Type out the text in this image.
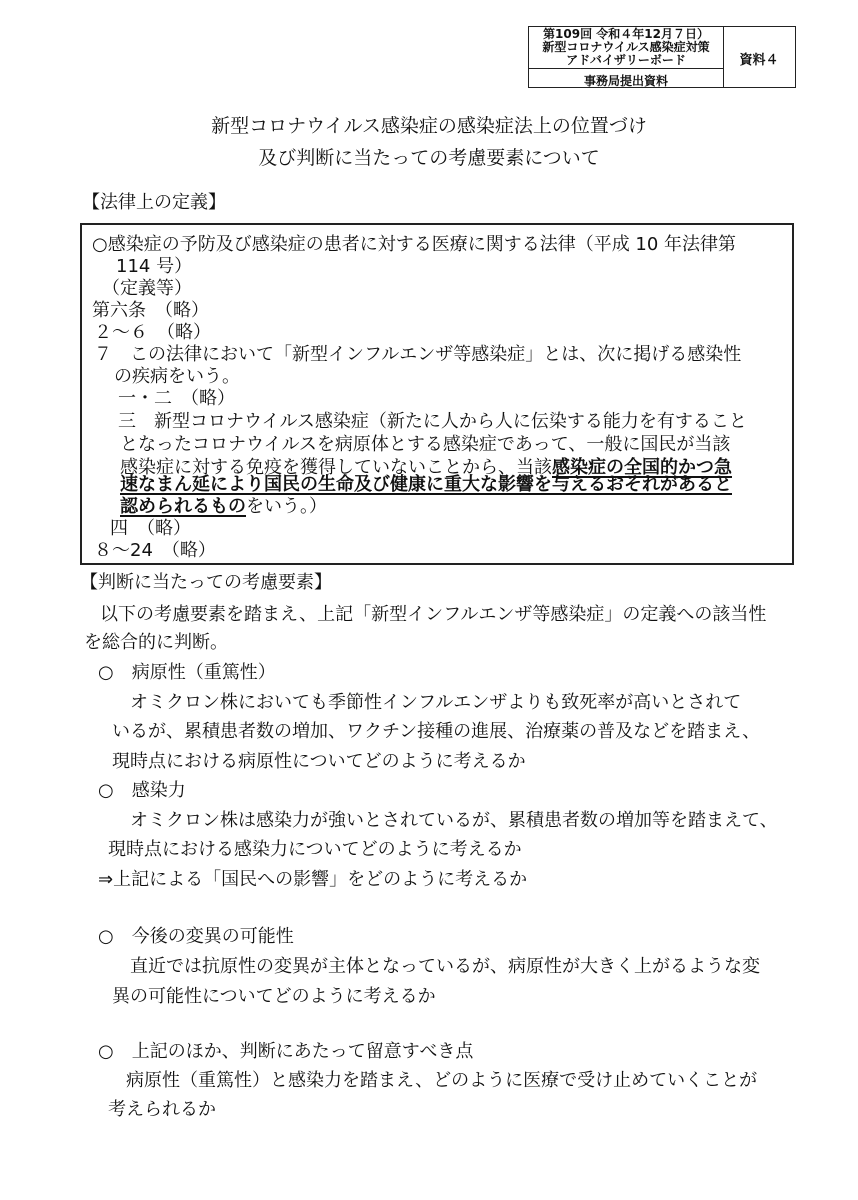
第109回 令和４年12月７日）
新型コロナウイルス感染症対策
アドバイザリーボード
事務局提出資料
資料４
新型コロナウイルス感染症の感染症法上の位置づけ
及び判断に当たっての考慮要素について
【法律上の定義】
○感染症の予防及び感染症の患者に対する医療に関する法律（平成 10 年法律第
114 号）
（定義等）
第六条　（略）
２～６　（略）
７　この法律において「新型インフルエンザ等感染症」とは、次に掲げる感染性
の疾病をいう。
一・二　（略）
三　新型コロナウイルス感染症（新たに人から人に伝染する能力を有すること
となったコロナウイルスを病原体とする感染症であって、一般に国民が当該
感染症に対する免疫を獲得していないことから、当該感染症の全国的かつ急
速なまん延により国民の生命及び健康に重大な影響を与えるおそれがあると
認められるものをいう。）
四　（略）
８～24　（略）
【判断に当たっての考慮要素】
以下の考慮要素を踏まえ、上記「新型インフルエンザ等感染症」の定義への該当性
を総合的に判断。
○　病原性（重篤性）
オミクロン株においても季節性インフルエンザよりも致死率が高いとされて
いるが、累積患者数の増加、ワクチン接種の進展、治療薬の普及などを踏まえ、
現時点における病原性についてどのように考えるか
○　感染力
オミクロン株は感染力が強いとされているが、累積患者数の増加等を踏まえて、
現時点における感染力についてどのように考えるか
⇒上記による「国民への影響」をどのように考えるか
○　今後の変異の可能性
直近では抗原性の変異が主体となっているが、病原性が大きく上がるような変
異の可能性についてどのように考えるか
○　上記のほか、判断にあたって留意すべき点
病原性（重篤性）と感染力を踏まえ、どのように医療で受け止めていくことが
考えられるか
